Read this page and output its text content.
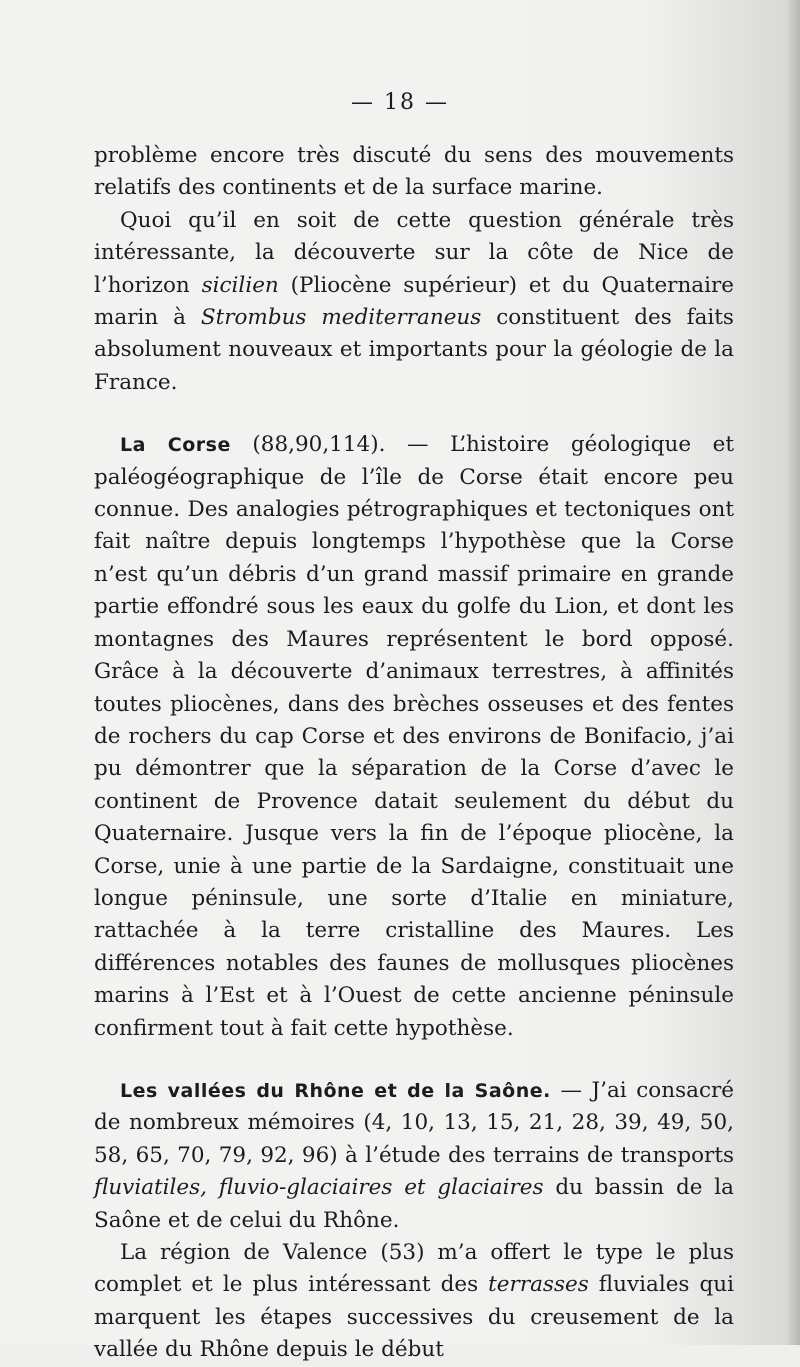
— 18 —

problème encore très discuté du sens des mouvements relatifs des continents et de la surface marine.

Quoi qu’il en soit de cette question générale très intéressante, la découverte sur la côte de Nice de l’horizon sicilien (Pliocène supérieur) et du Quaternaire marin à Strombus mediterraneus constituent des faits absolument nouveaux et importants pour la géologie de la France.

La Corse (88,90,114). — L’histoire géologique et paléogéographique de l’île de Corse était encore peu connue. Des analogies pétrographiques et tectoniques ont fait naître depuis longtemps l’hypothèse que la Corse n’est qu’un débris d’un grand massif primaire en grande partie effondré sous les eaux du golfe du Lion, et dont les montagnes des Maures représentent le bord opposé. Grâce à la découverte d’animaux terrestres, à affinités toutes pliocènes, dans des brèches osseuses et des fentes de rochers du cap Corse et des environs de Bonifacio, j’ai pu démontrer que la séparation de la Corse d’avec le continent de Provence datait seulement du début du Quaternaire. Jusque vers la fin de l’époque pliocène, la Corse, unie à une partie de la Sardaigne, constituait une longue péninsule, une sorte d’Italie en miniature, rattachée à la terre cristalline des Maures. Les différences notables des faunes de mollusques pliocènes marins à l’Est et à l’Ouest de cette ancienne péninsule confirment tout à fait cette hypothèse.

Les vallées du Rhône et de la Saône. — J’ai consacré de nombreux mémoires (4, 10, 13, 15, 21, 28, 39, 49, 50, 58, 65, 70, 79, 92, 96) à l’étude des terrains de transports fluviatiles, fluvio-glaciaires et glaciaires du bassin de la Saône et de celui du Rhône.

La région de Valence (53) m’a offert le type le plus complet et le plus intéressant des terrasses fluviales qui marquent les étapes successives du creusement de la vallée du Rhône depuis le début
